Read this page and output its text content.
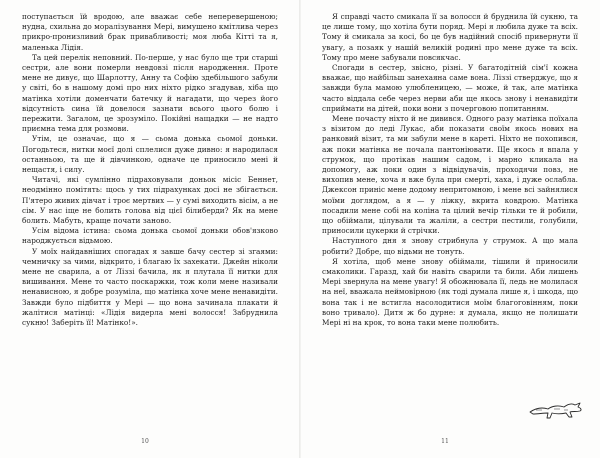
поступається їй вродою, але вважає себе неперевершеною; нудна, схильна до моралізування Мері, вимушено кмітлива через прикро-пронизливий брак привабливості; моя люба Кітті та я, маленька Лідія.

Та цей перелік неповний. По-перше, у нас було ще три старші сестри, але вони померли невдовзі після народження. Проте мене не дивує, що Шарлотту, Анну та Софію здебільшого забули у світі, бо в нашому домі про них ніхто рідко згадував, хіба що матінка хотіли доменчати батечку й нагадати, що через його відсутність сина їй довелося зазнати всього цього болю і пережити. Загалом, це зрозуміло. Покійні нащадки — не надто приємна тема для розмови.

Утім, це означає, що я — сьома донька сьомої доньки. Погодьтеся, нитки моєї долі сплелися дуже дивно: я народилася останньою, та ще й дівчинкою, одначе це приносило мені й нещастя, і силу.

Читачі, які сумлінно підраховували доньок місіс Беннет, неодмінно помітять: щось у тих підрахунках досі не збігається. П'ятеро живих дівчат і троє мертвих — у сумі виходить вісім, а не сім. У нас іще не болить голова від цієї білиберди? Як на мене болить. Мабуть, краще почати заново.

Усім відома істина: сьома донька сьомої доньки обов'язково народжується відьмою.

У моїх найдавніших спогадах я завше бачу сестер зі згаями: чемничку за чими, відкрито, і благаю їх захекати. Джейн ніколи мене не сварила, а от Ліззі бачила, як я плутала її нитки для вишивання. Мене то часто поскаржки, тож коли мене називали ненависною, я добре розуміла, що матінка хоче мене ненавидіти. Завжди було підбиття у Мері — що вона зачинала плакати й жалітися матінці: «Лідія видерла мені волосся! Забруднила сукню! Заберіть її! Матінко!».

10

Я справді часто смикала її за волосся й бруднила їй сукню, та це лише тому, що хотіла бути поряд. Мері я любила дуже та всіх. Тому й смикала за косі, бо це був надійний спосіб привернути її увагу, а позаяк у нашій великій родині про мене дуже та всіх. Тому про мене забували повсякчас.

Спогади в сестер, звісно, різні. У багатодітній сім'ї кожна вважає, що найбільш занехаяна саме вона. Ліззі стверджує, що я завжди була мамою улюбленицею, — може, й так, але матінка часто віддала себе через нерви аби ще якось знову і ненавидіти сприймати на дітей, поки вони з почерговою попитанням.

Мене почасту ніхто й не дивився. Одного разу матінка поїхала з візитом до леді Лукас, аби показати своїм якось нових на ранковий візит, та ми забули мене в кареті. Ніхто не похопився, аж поки матінка не почала пантоніювати. Ще якось я впала у струмок, що протікав нашим садом, і марно кликала на допомогу, аж поки один з відвідувачів, проходячи повз, не вихопив мене, хоча я вже була при смерті, хаха, і дуже ослабла. Джексон приніс мене додому непритомною, і мене всі зайнялися моїми доглядом, а я — у ліжку, вкрита ковдрою. Матінка посадили мене собі на коліна та цілий вечір тільки те й робили, що обіймали, цілували та жаліли, а сестри пестили, голубили, приносили цукерки й стрічки.

Наступного дня я знову стрибнула у струмок. А що мала робити? Добре, що відьми не тонуть.

Я хотіла, щоб мене знову обіймали, тішили й приносили смаколики. Гаразд, хай би навіть сварили та били. Аби лишень Мері звернула на мене увагу! Я обожнювала її, ледь не молилася на неї, вважала неймовірною (як тоді думала лише я, і шкода, що вона так і не встигла насолодитися моїм благоговінням, поки воно тривало). Дитя ж бо дурне: я думала, якщо не полишати Мері ні на крок, то вона таки мене полюбить.

11
